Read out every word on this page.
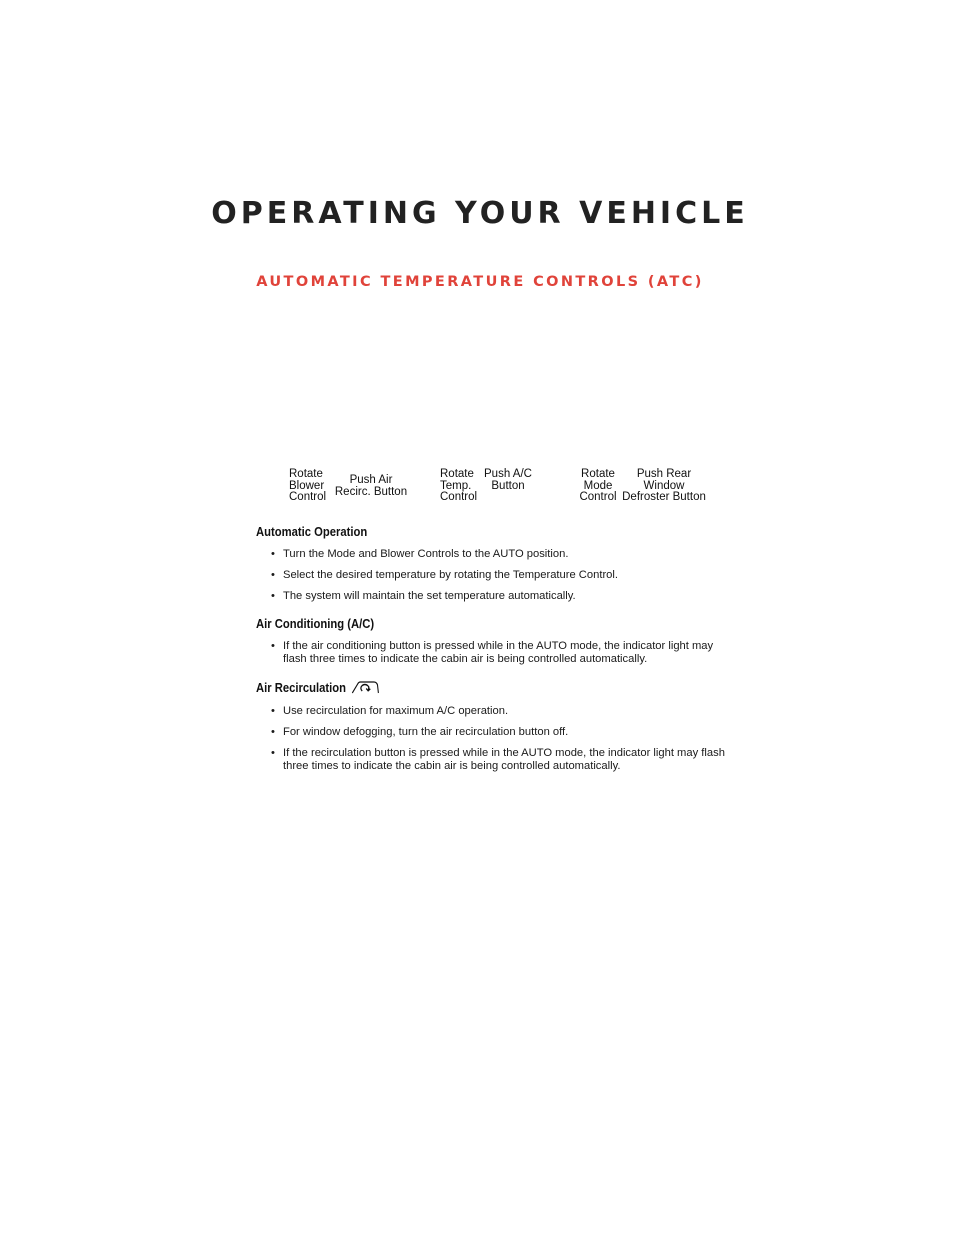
OPERATING YOUR VEHICLE
AUTOMATIC TEMPERATURE CONTROLS (ATC)
Rotate
Blower
Control
Push Air
Recirc. Button
Rotate
Temp.
Control
Push A/C
Button
Rotate
Mode
Control
Push Rear
Window
Defroster Button
Automatic Operation
• Turn the Mode and Blower Controls to the AUTO position.
• Select the desired temperature by rotating the Temperature Control.
• The system will maintain the set temperature automatically.
Air Conditioning (A/C)
• If the air conditioning button is pressed while in the AUTO mode, the indicator light may flash three times to indicate the cabin air is being controlled automatically.
Air Recirculation
• Use recirculation for maximum A/C operation.
• For window defogging, turn the air recirculation button off.
• If the recirculation button is pressed while in the AUTO mode, the indicator light may flash three times to indicate the cabin air is being controlled automatically.
